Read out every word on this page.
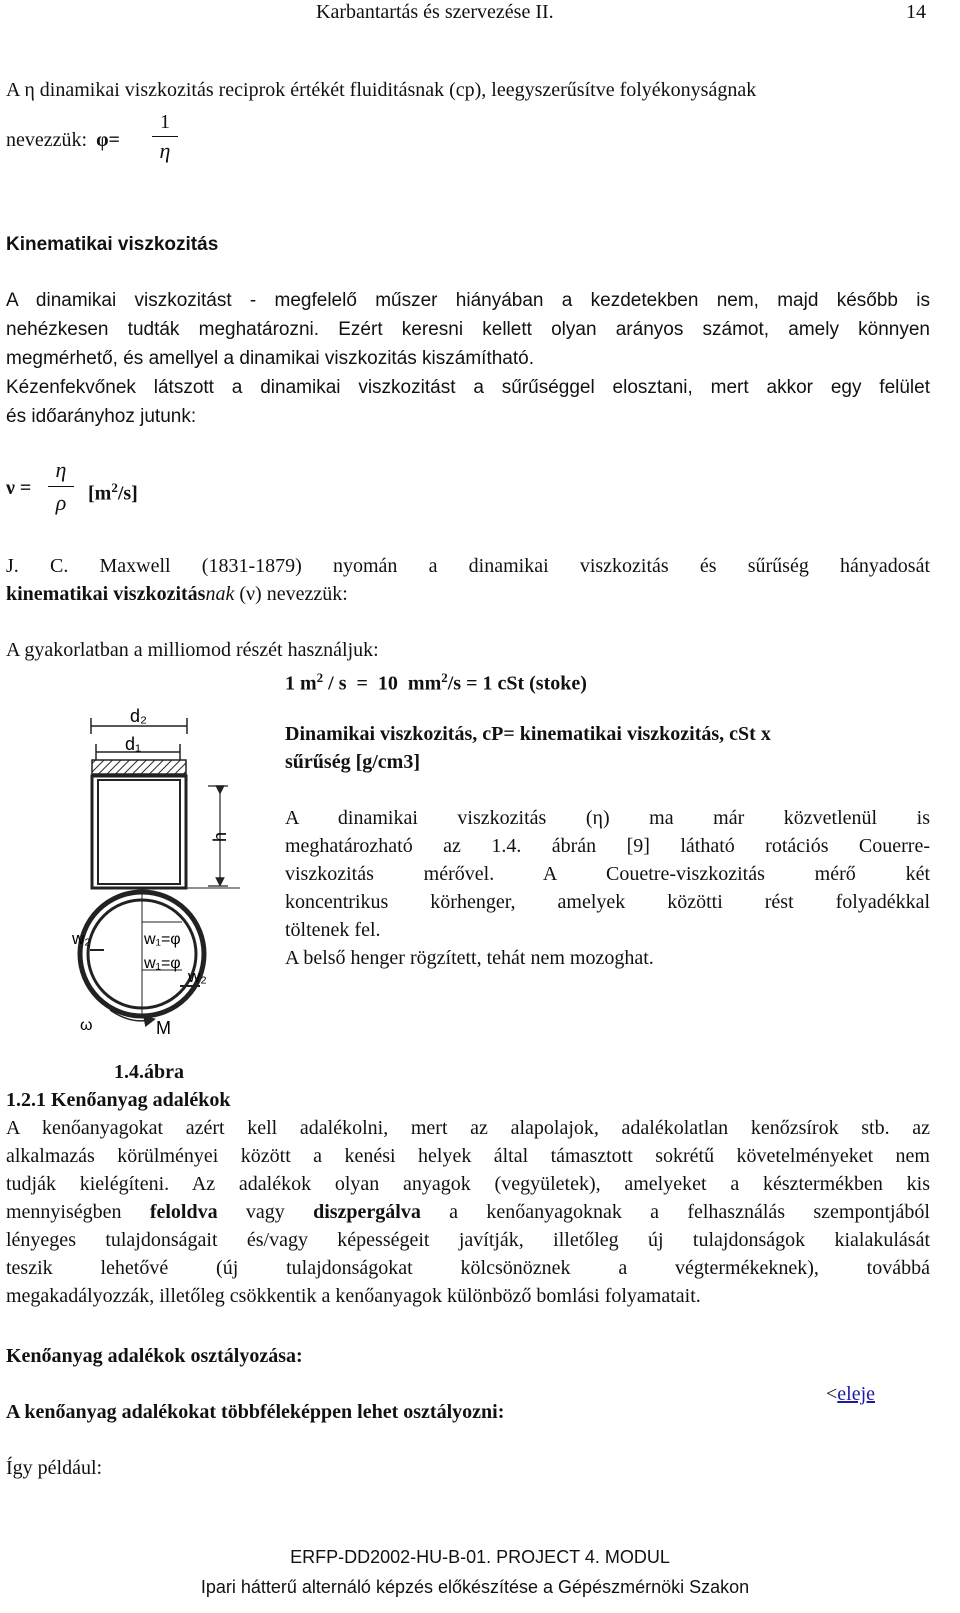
Karbantartás és szervezése II.	14
A η dinamikai viszkozitás reciprok értékét fluiditásnak (cp), leegyszerűsítve folyékonyságnak
nevezzük: φ=
1
η
Kinematikai viszkozitás
A dinamikai viszkozitást - megfelelő műszer hiányában a kezdetekben nem, majd később is
nehézkesen tudták meghatározni. Ezért keresni kellett olyan arányos számot, amely könnyen
megmérhető, és amellyel a dinamikai viszkozitás kiszámítható.
Kézenfekvőnek látszott a dinamikai viszkozitást a sűrűséggel elosztani, mert akkor egy felület
és időarányhoz jutunk:
ν =
η
ρ	$[m^2/s]$
J. C. Maxwell (1831-1879) nyomán a dinamikai viszkozitás és sűrűség hányadosát
kinematikai viszkozitásnak (ν) nevezzük:
A gyakorlatban a milliomod részét használjuk:
1 $m^2 / s = 10$  $mm^2/s = 1$ cSt (stoke)
d₂
d₁
h
w₁=φ
w₁=φ
w₂
w₂
ω	M
Dinamikai viszkozitás, cP= kinematikai viszkozitás, cSt x
sűrűség [g/cm3]
A dinamikai viszkozitás (η) ma már közvetlenül is
meghatározható az 1.4. ábrán [9] látható rotációs Couerre-
viszkozitás mérővel. A Couetre-viszkozitás mérő két
koncentrikus körhenger, amelyek közötti rést folyadékkal
töltenek fel.
A belső henger rögzített, tehát nem mozoghat.
1.4.ábra
1.2.1 Kenőanyag adalékok
A kenőanyagokat azért kell adalékolni, mert az alapolajok, adalékolatlan kenőzsírok stb. az
alkalmazás körülményei között a kenési helyek által támasztott sokrétű követelményeket nem
tudják kielégíteni. Az adalékok olyan anyagok (vegyületek), amelyeket a késztermékben kis
mennyiségben feloldva vagy diszpergálva a kenőanyagoknak a felhasználás szempontjából
lényeges tulajdonságait és/vagy képességeit javítják, illetőleg új tulajdonságok kialakulását
teszik lehetővé (új tulajdonságokat kölcsönöznek a végtermékeknek), továbbá
megakadályozzák, illetőleg csökkentik a kenőanyagok különböző bomlási folyamatait.
Kenőanyag adalékok osztályozása:
<eleje
A kenőanyag adalékokat többféleképpen lehet osztályozni:
Így például:
ERFP-DD2002-HU-B-01. PROJECT 4. MODUL
Ipari hátterű alternáló képzés előkészítése a Gépészmérnöki Szakon
